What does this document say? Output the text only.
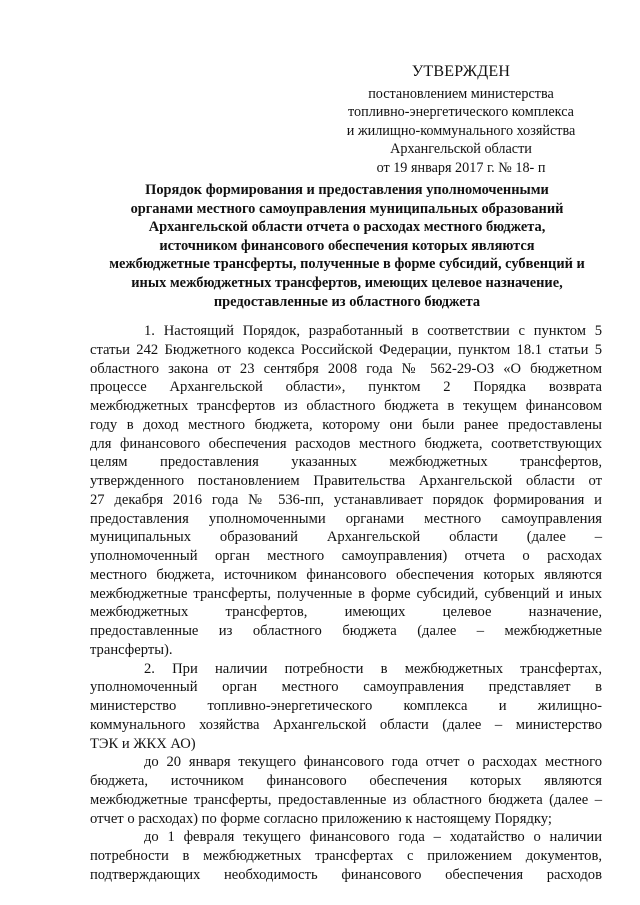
УТВЕРЖДЕН
постановлением министерства
топливно-энергетического комплекса
и жилищно-коммунального хозяйства
Архангельской области
от 19 января 2017 г. № 18- п
Порядок формирования и предоставления уполномоченными
органами местного самоуправления муниципальных образований
Архангельской области отчета о расходах местного бюджета,
источником финансового обеспечения которых являются
межбюджетные трансферты, полученные в форме субсидий, субвенций и
иных межбюджетных трансфертов, имеющих целевое назначение,
предоставленные из областного бюджета
1. Настоящий Порядок, разработанный в соответствии с пунктом 5
статьи 242 Бюджетного кодекса Российской Федерации, пунктом 18.1 статьи 5
областного закона от 23 сентября 2008 года № 562-29-ОЗ «О бюджетном
процессе Архангельской области», пунктом 2 Порядка возврата
межбюджетных трансфертов из областного бюджета в текущем финансовом
году в доход местного бюджета, которому они были ранее предоставлены
для финансового обеспечения расходов местного бюджета, соответствующих
целям предоставления указанных межбюджетных трансфертов,
утвержденного постановлением Правительства Архангельской области от
27 декабря 2016 года № 536-пп, устанавливает порядок формирования и
предоставления уполномоченными органами местного самоуправления
муниципальных образований Архангельской области (далее –
уполномоченный орган местного самоуправления) отчета о расходах
местного бюджета, источником финансового обеспечения которых являются
межбюджетные трансферты, полученные в форме субсидий, субвенций и иных
межбюджетных трансфертов, имеющих целевое назначение,
предоставленные из областного бюджета (далее – межбюджетные
трансферты).
2. При наличии потребности в межбюджетных трансфертах,
уполномоченный орган местного самоуправления представляет в
министерство топливно-энергетического комплекса и жилищно-
коммунального хозяйства Архангельской области (далее – министерство
ТЭК и ЖКХ АО)
до 20 января текущего финансового года отчет о расходах местного
бюджета, источником финансового обеспечения которых являются
межбюджетные трансферты, предоставленные из областного бюджета (далее –
отчет о расходах) по форме согласно приложению к настоящему Порядку;
до 1 февраля текущего финансового года – ходатайство о наличии
потребности в межбюджетных трансфертах с приложением документов,
подтверждающих необходимость финансового обеспечения расходов
